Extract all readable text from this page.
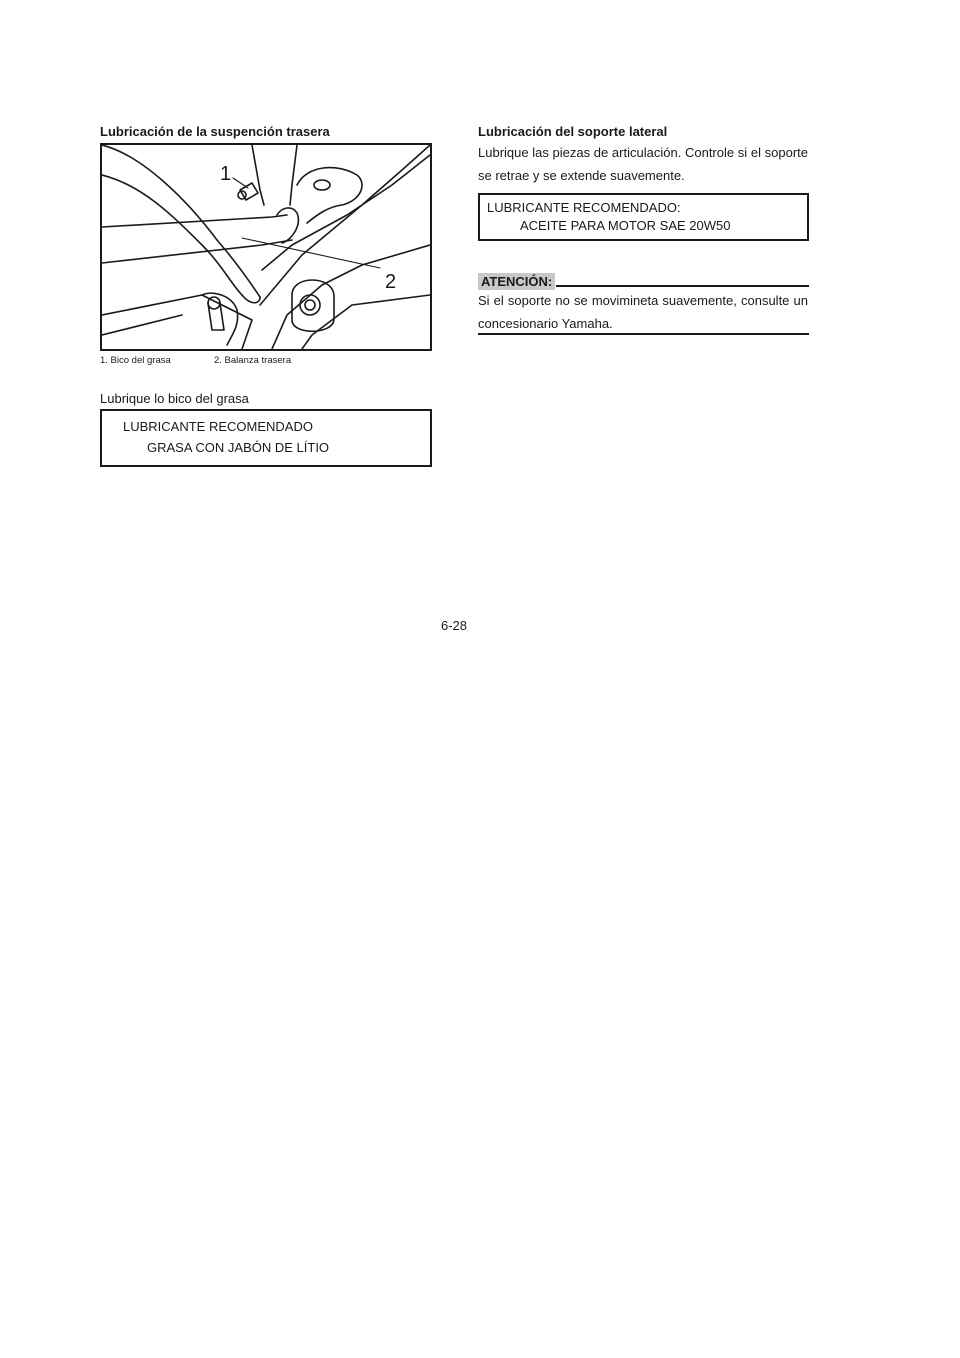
Lubricación de la suspención trasera
1
2
1. Bico del grasa	2. Balanza trasera
Lubrique lo bico del grasa
LUBRICANTE RECOMENDADO
GRASA CON JABÓN DE LÍTIO
Lubricación del soporte lateral
Lubrique las piezas de articulación. Controle si el soporte
se retrae y se extende suavemente.
LUBRICANTE RECOMENDADO:
ACEITE PARA MOTOR SAE 20W50
ATENCIÓN:
Si el soporte no se movimineta suavemente, consulte un
concesionario Yamaha.
6-28
